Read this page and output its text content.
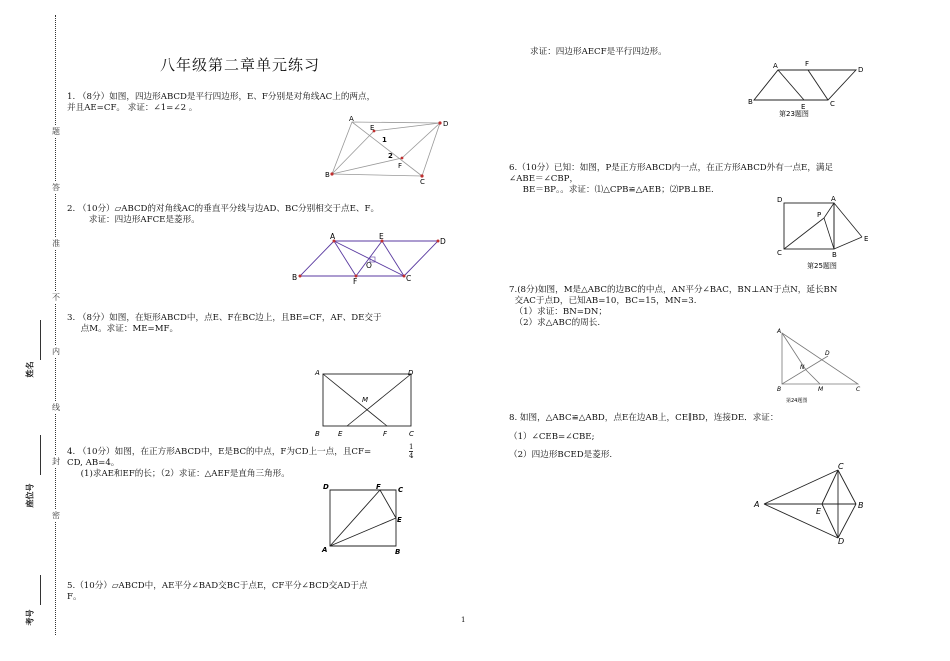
题
答
准
不
内
线
封
密
姓名
座位号
考号
八年级第二章单元练习
1. （8分）如图，四边形ABCD是平行四边形，E、F分别是对角线AC上的两点，
并且AE=CF。 求证：∠1=∠2 。
A
D
B
C
E
F
1
2
2. （10分）▱ABCD的对角线AC的垂直平分线与边AD、BC分别相交于点E、F。
求证：四边形AFCE是菱形。
A	E
D
B	F	C
O
3. （8分）如图，在矩形ABCD中，点E、F在BC边上，且BE=CF，AF、DE交于
点M。求证：ME=MF。
A	D
M
B	E	F	C
4. （10分）如图，在正方形ABCD中，E是BC的中点，F为CD上一点，且CF=
CD, AB=4。
(1)求AE和EF的长；（2）求证：△AEF是直角三角形。
1
4
D	F C
E
A	B
5.（10分）▱ABCD中，AE平分∠BAD交BC于点E，CF平分∠BCD交AD于点
F。
1
求证：四边形AECF是平行四边形。
A	F
D
B
E	C
第23题图
6.（10分）已知：如图，P是正方形ABCD内一点，在正方形ABCD外有一点E，满足
∠ABE＝∠CBP，
BE＝BP。。求证：⑴△CPB≌△AEB；⑵PB⊥BE.
D	A
P
C	B
E
第25题图
7.(8分)如图，M是△ABC的边BC的中点，AN平分∠BAC，BN⊥AN于点N，延长BN
交AC于点D，已知AB=10，BC=15，MN=3.
（1）求证：BN=DN；
（2）求△ABC的周长.
A
N
D
B	M	C
第24题图
8. 如图，△ABC≌△ABD，点E在边AB上，CE∥BD，连接DE．求证：
（1）∠CEB=∠CBE;
（2）四边形BCED是菱形.
C
A
E
B
D
